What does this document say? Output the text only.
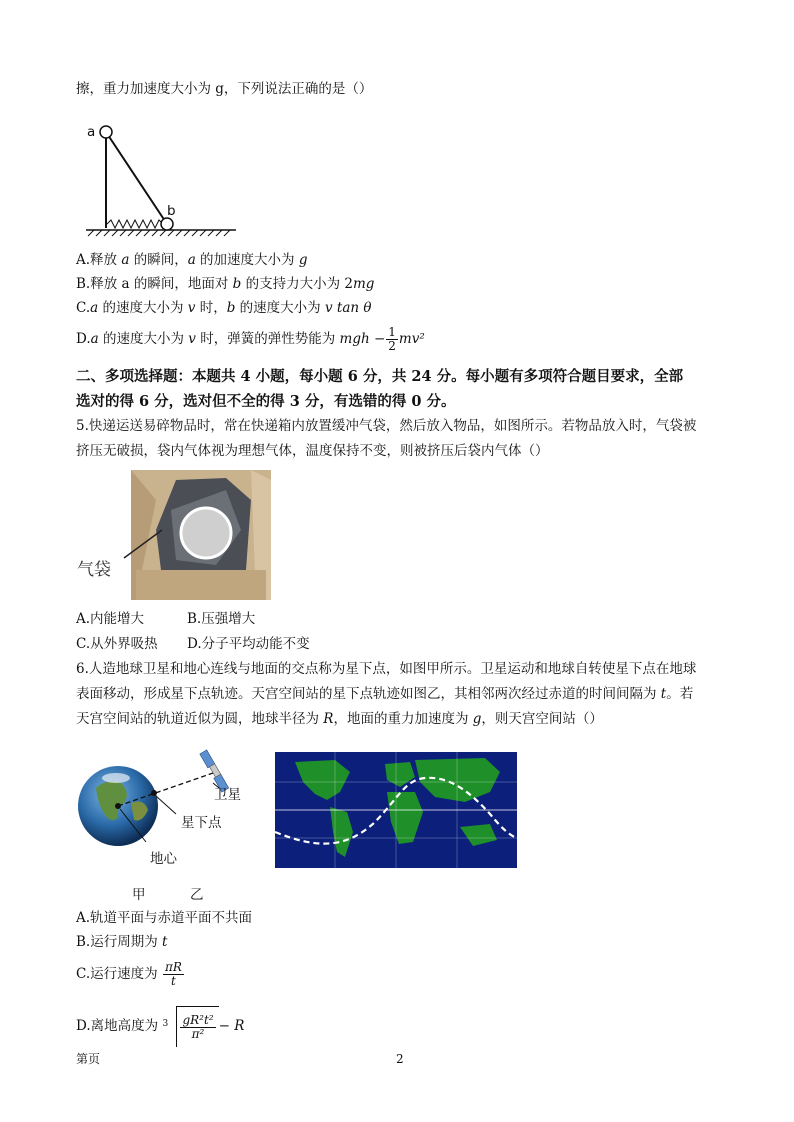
擦，重力加速度大小为 g，下列说法正确的是（）
a
b
A.释放 a 的瞬间，a 的加速度大小为 g
B.释放 a 的瞬间，地面对 b 的支持力大小为 2mg
C.a 的速度大小为 v 时，b 的速度大小为 v tan θ
D.a 的速度大小为 v 时，弹簧的弹性势能为 mgh − $\frac{1}{2} mv^2$
二、多项选择题：本题共 4 小题，每小题 6 分，共 24 分。每小题有多项符合题目要求，全部
选对的得 6 分，选对但不全的得 3 分，有选错的得 0 分。
5.快递运送易碎物品时，常在快递箱内放置缓冲气袋，然后放入物品，如图所示。若物品放入时，气袋被
挤压无破损，袋内气体视为理想气体，温度保持不变，则被挤压后袋内气体（）
气袋
A.内能增大	B.压强增大
C.从外界吸热 D.分子平均动能不变
6.人造地球卫星和地心连线与地面的交点称为星下点，如图甲所示。卫星运动和地球自转使星下点在地球
表面移动，形成星下点轨迹。天宫空间站的星下点轨迹如图乙，其相邻两次经过赤道的时间间隔为 t。若
天宫空间站的轨道近似为圆，地球半径为 R，地面的重力加速度为 g，则天宫空间站（）
卫星
星下点
地心
甲	乙
A.轨道平面与赤道平面不共面
B.运行周期为 t
C.运行速度为 $\frac{\pi R}{t}$
D.离地高度为 $3 \frac{\text{gR²t²}}{\text{π²}} - R$
第页	2
